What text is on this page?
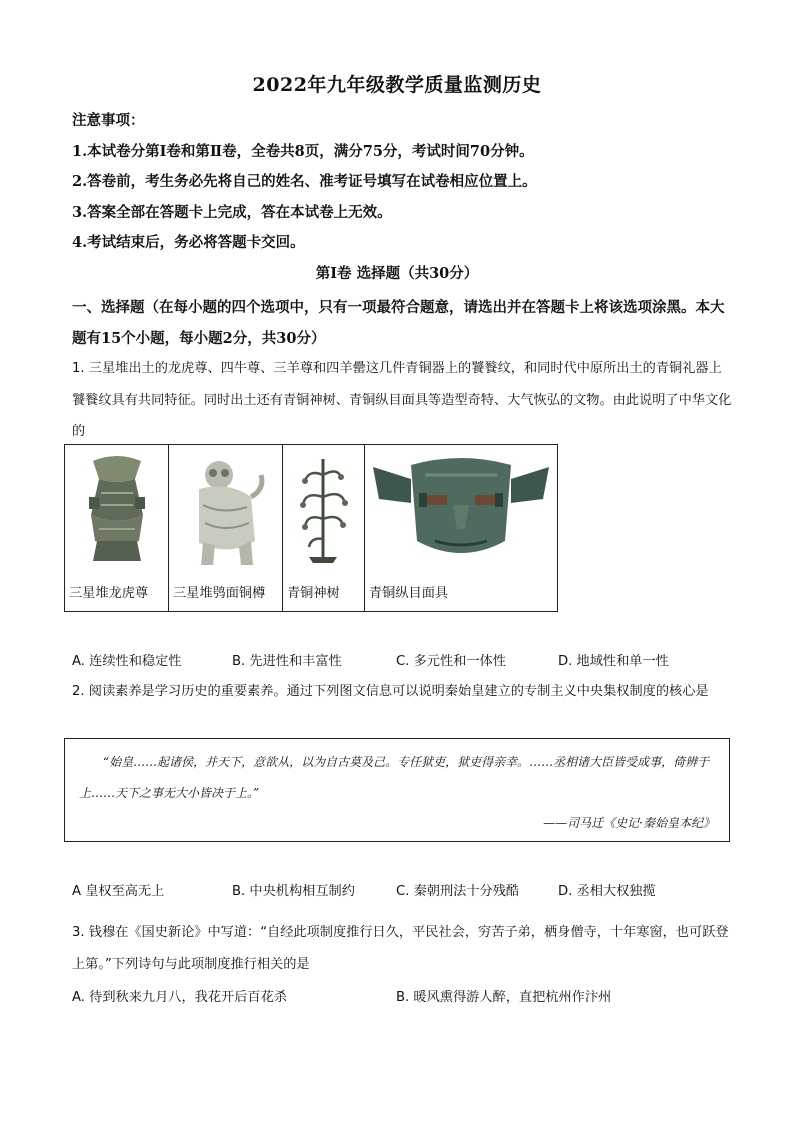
2022年九年级教学质量监测历史
注意事项：
1.本试卷分第Ⅰ卷和第Ⅱ卷，全卷共8页，满分75分，考试时间70分钟。
2.答卷前，考生务必先将自己的姓名、准考证号填写在试卷相应位置上。
3.答案全部在答题卡上完成，答在本试卷上无效。
4.考试结束后，务必将答题卡交回。
第Ⅰ卷 选择题（共30分）
一、选择题（在每小题的四个选项中，只有一项最符合题意，请选出并在答题卡上将该选项涂黑。本大题有15个小题，每小题2分，共30分）
1. 三星堆出土的龙虎尊、四牛尊、三羊尊和四羊罍这几件青铜器上的饕餮纹，和同时代中原所出土的青铜礼器上饕餮纹具有共同特征。同时出土还有青铜神树、青铜纵目面具等造型奇特、大气恢弘的文物。由此说明了中华文化的
三星堆龙虎尊 三星堆鸮面铜樽 青铜神树 青铜纵目面具
A. 连续性和稳定性	B. 先进性和丰富性	C. 多元性和一体性	D. 地域性和单一性
2. 阅读素养是学习历史的重要素养。通过下列图文信息可以说明秦始皇建立的专制主义中央集权制度的核心是
“始皇……起诸侯，并天下，意欲从，以为自古莫及己。专任狱吏，狱吏得亲幸。……丞相诸大臣皆受成事，倚辨于上……天下之事无大小皆决于上。”
——司马迁《史记·秦始皇本纪》
A 皇权至高无上	B. 中央机构相互制约	C. 秦朝刑法十分残酷	D. 丞相大权独揽
3. 钱穆在《国史新论》中写道：“自经此项制度推行日久，平民社会，穷苦子弟，栖身僧寺，十年寒窗，也可跃登上第。”下列诗句与此项制度推行相关的是
A. 待到秋来九月八，我花开后百花杀	B. 暖风熏得游人醉，直把杭州作汴州
